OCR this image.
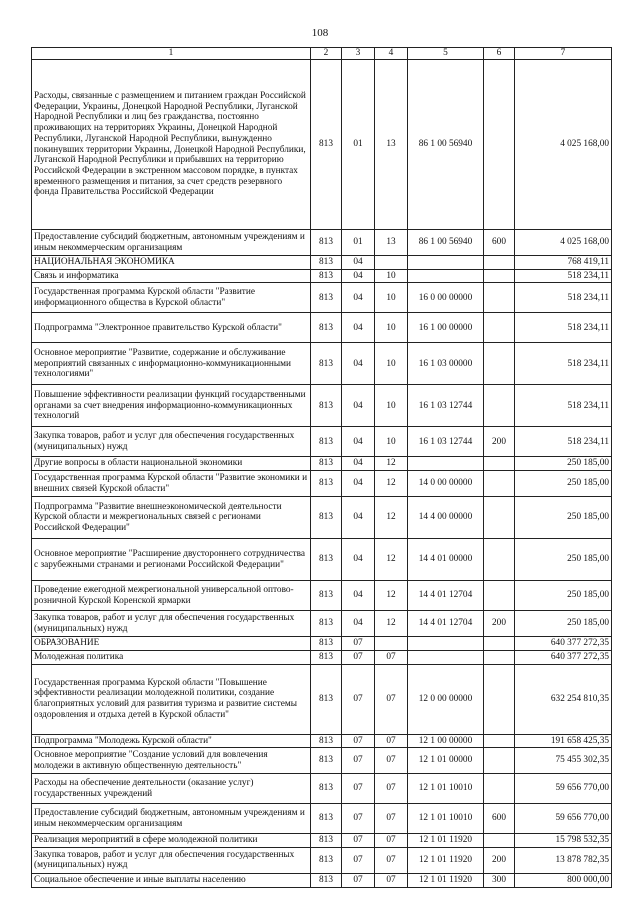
108
1	2	3	4	5	6	7
Расходы, связанные с размещением и питанием граждан Российской Федерации, Украины, Донецкой Народной Республики, Луганской Народной Республики и лиц без гражданства, постоянно проживающих на территориях Украины, Донецкой Народной Республики, Луганской Народной Республики, вынужденно покинувших территории Украины, Донецкой Народной Республики, Луганской Народной Республики и прибывших на территорию Российской Федерации в экстренном массовом порядке, в пунктах временного размещения и питания, за счет средств резервного фонда Правительства Российской Федерации	813	01	13	86 1 00 56940		4 025 168,00
Предоставление субсидий бюджетным, автономным учреждениям и иным некоммерческим организациям	813	01	13	86 1 00 56940	600	4 025 168,00
НАЦИОНАЛЬНАЯ ЭКОНОМИКА	813	04				768 419,11
Связь и информатика	813	04	10			518 234,11
Государственная программа Курской области "Развитие информационного общества в Курской области"	813	04	10	16 0 00 00000		518 234,11
Подпрограмма "Электронное правительство Курской области"	813	04	10	16 1 00 00000		518 234,11
Основное мероприятие "Развитие, содержание и обслуживание мероприятий связанных с информационно-коммуникационными технологиями"	813	04	10	16 1 03 00000		518 234,11
Повышение эффективности реализации функций государственными органами за счет внедрения информационно-коммуникационных технологий	813	04	10	16 1 03 12744		518 234,11
Закупка товаров, работ и услуг для обеспечения государственных (муниципальных) нужд	813	04	10	16 1 03 12744	200	518 234,11
Другие вопросы в области национальной экономики	813	04	12			250 185,00
Государственная программа Курской области "Развитие экономики и внешних связей Курской области"	813	04	12	14 0 00 00000		250 185,00
Подпрограмма "Развитие внешнеэкономической деятельности Курской области и межрегиональных связей с регионами Российской Федерации"	813	04	12	14 4 00 00000		250 185,00
Основное мероприятие "Расширение двустороннего сотрудничества с зарубежными странами и регионами Российской Федерации"	813	04	12	14 4 01 00000		250 185,00
Проведение ежегодной межрегиональной универсальной оптово-розничной Курской Коренской ярмарки	813	04	12	14 4 01 12704		250 185,00
Закупка товаров, работ и услуг для обеспечения государственных (муниципальных) нужд	813	04	12	14 4 01 12704	200	250 185,00
ОБРАЗОВАНИЕ	813	07				640 377 272,35
Молодежная политика	813	07	07			640 377 272,35
Государственная программа Курской области "Повышение эффективности реализации молодежной политики, создание благоприятных условий для развития туризма и развитие системы оздоровления и отдыха детей в Курской области"	813	07	07	12 0 00 00000		632 254 810,35
Подпрограмма "Молодежь Курской области"	813	07	07	12 1 00 00000		191 658 425,35
Основное мероприятие "Создание условий для вовлечения молодежи в активную общественную деятельность"	813	07	07	12 1 01 00000		75 455 302,35
Расходы на обеспечение деятельности (оказание услуг) государственных учреждений	813	07	07	12 1 01 10010		59 656 770,00
Предоставление субсидий бюджетным, автономным учреждениям и иным некоммерческим организациям	813	07	07	12 1 01 10010	600	59 656 770,00
Реализация мероприятий в сфере молодежной политики	813	07	07	12 1 01 11920		15 798 532,35
Закупка товаров, работ и услуг для обеспечения государственных (муниципальных) нужд	813	07	07	12 1 01 11920	200	13 878 782,35
Социальное обеспечение и иные выплаты населению	813	07	07	12 1 01 11920	300	800 000,00
